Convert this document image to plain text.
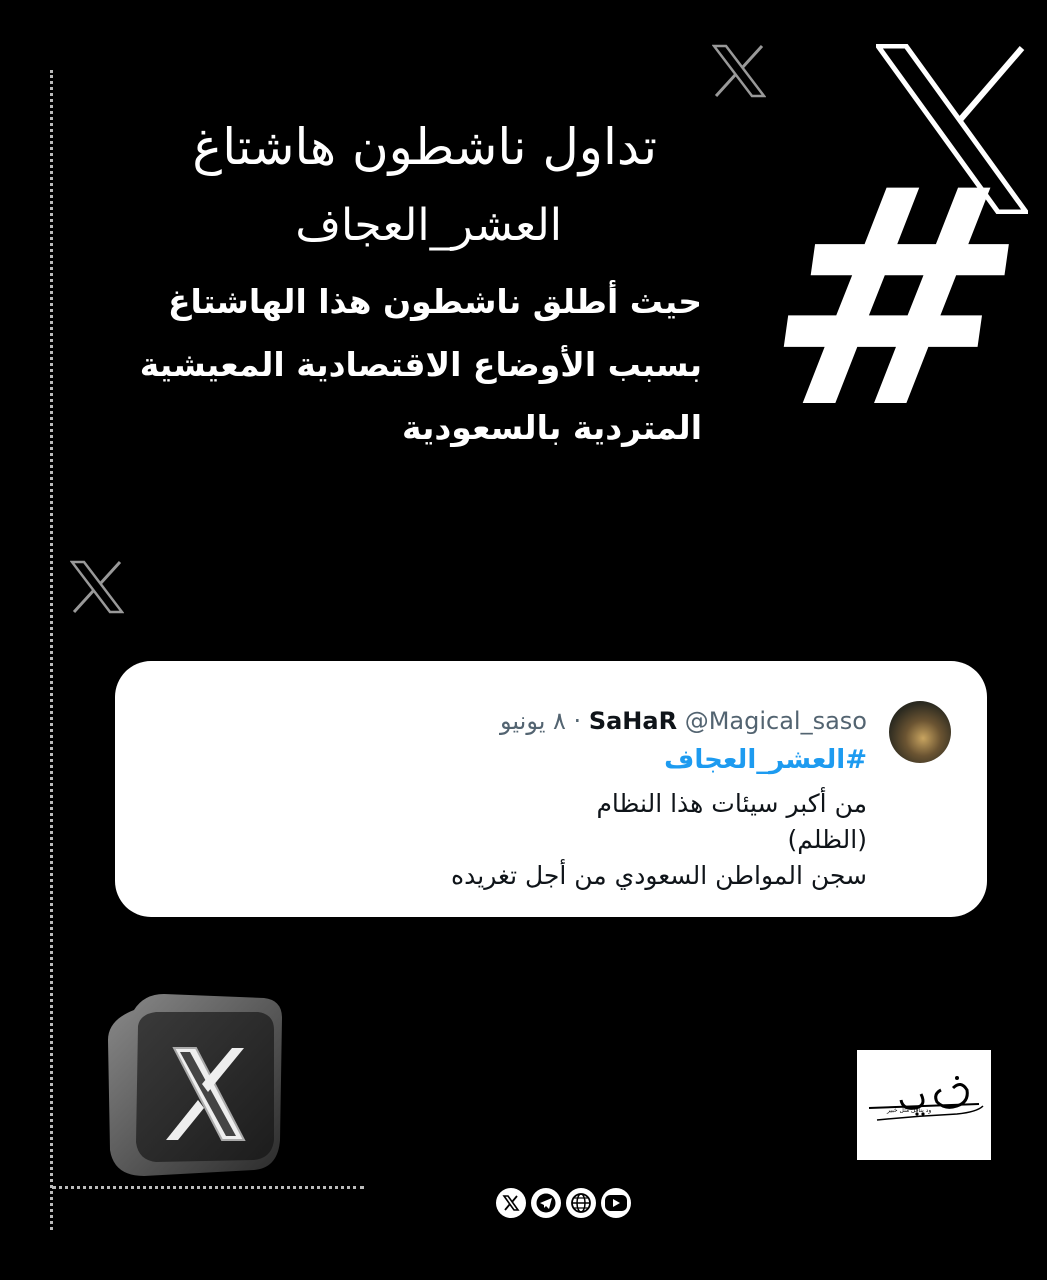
تداول ناشطون هاشتاغ
العشر_العجاف
حيث أطلق ناشطون هذا الهاشتاغ بسبب الأوضاع الاقتصادية المعيشية المتردية بالسعودية #
SaHaR @Magical_saso · ٨ يونيو
#العشر_العجاف
من أكبر سيئات هذا النظام
(الظلم)
سجن المواطن السعودي من أجل تغريده
ود بناقل مثل خبير
